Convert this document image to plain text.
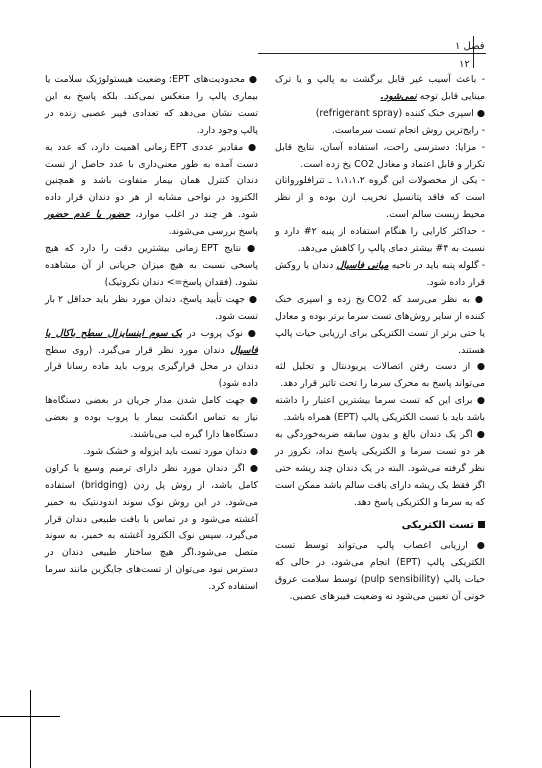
فصل ۱
۱۲

- باعث آسیب غیر قابل برگشت به پالپ و یا ترک مینایی قابل توجه نمی‌شود.

● اسپری خنک کننده (refrigerant spray)

- رایج‌ترین روش انجام تست سرماست.

- مزایا: دسترسی راحت، استفاده آسان، نتایج قابل تکرار و قابل اعتماد و معادل CO2 یخ زده است.

- یکی از محصولات این گروه ۱،۱،۱،۲ ـ تترافلورواتان است که فاقد پتانسیل تخریب ازن بوده و از نظر محیط زیست سالم است.

- حداکثر کارایی را هنگام استفاده از پنبه ۲# دارد و نسبت به ۴# بیشتر دمای پالپ را کاهش می‌دهد.

- گلوله پنبه باید در ناحیه میانی فاسیال دندان یا روکش قرار داده شود.

● به نظر می‌رسد که CO2 یخ زده و اسپری خنک کننده از سایر روش‌های تست سرما برتر بوده و معادل یا حتی برتر از تست الکتریکی برای ارزیابی حیات پالپ هستند.

● از دست رفتن اتصالات پریودنتال و تحلیل لثه می‌تواند پاسخ به محرک سرما را تحت تاثیر قرار دهد.

● برای این که تست سرما بیشترین اعتبار را داشته باشد باید با تست الکتریکی پالپ (EPT) همراه باشد.

● اگر یک دندان بالغ و بدون سابقه ضربه‌خوردگی به هر دو تست سرما و الکتریکی پاسخ نداد، نکروز در نظر گرفته می‌شود. البته در یک دندان چند ریشه حتی اگر فقط یک ریشه دارای بافت سالم باشد ممکن است که به سرما و الکتریکی پاسخ دهد.

تست الکتریکی

● ارزیابی اعصاب پالپ می‌تواند توسط تست الکتریکی پالپ (EPT) انجام می‌شود، در حالی که حیات پالپ (pulp sensibility) توسط سلامت عروق خونی آن تعیین می‌شود نه وضعیت فیبرهای عصبی.

● محدودیت‌های EPT: وضعیت هیستولوژیک سلامت یا بیماری پالپ را منعکس نمی‌کند. بلکه پاسخ به این تست نشان می‌دهد که تعدادی فیبر عصبی زنده در پالپ وجود دارد.

● مقادیر عددی EPT زمانی اهمیت دارد، که عدد به دست آمده به طور معنی‌داری با عدد حاصل از تست دندان کنترل همان بیمار متفاوت باشد و همچنین الکترود در نواحی مشابه از هر دو دندان قرار داده شود. هر چند در اغلب موارد، حضور یا عدم حضور پاسخ بررسی می‌شوند.

● نتایج EPT زمانی بیشترین دقت را دارد که هیچ پاسخی نسبت به هیچ میزان جریانی از آن مشاهده نشود. (فقدان پاسخ=> دندان نکروتیک)

● جهت تأیید پاسخ، دندان مورد نظر باید حداقل ۲ بار تست شود.

● نوک پروب در یک سوم اینسایزال سطح باکال یا فاسیال دندان مورد نظر قرار می‌گیرد. (روی سطح دندان در محل قرارگیری پروب باید ماده رسانا قرار داده شود)

● جهت کامل شدن مدار جریان در بعضی دستگاه‌ها نیاز به تماس انگشت بیمار با پروب بوده و بعضی دستگاه‌ها دارا گیره لب می‌باشند.

● دندان مورد تست باید ایزوله و خشک شود.

● اگر دندان مورد نظر دارای ترمیم وسیع یا کراون کامل باشد، از روش پل زدن (bridging) استفاده می‌شود. در این روش نوک سوند اندودنتیک به خمیر آغشته می‌شود و در تماس با بافت طبیعی دندان قرار می‌گیرد، سپس نوک الکترود آغشته به خمیر، به سوند متصل می‌شود.اگر هیچ ساختار طبیعی دندان در دسترس نبود می‌توان از تست‌های جایگزین مانند سرما استفاده کرد.
